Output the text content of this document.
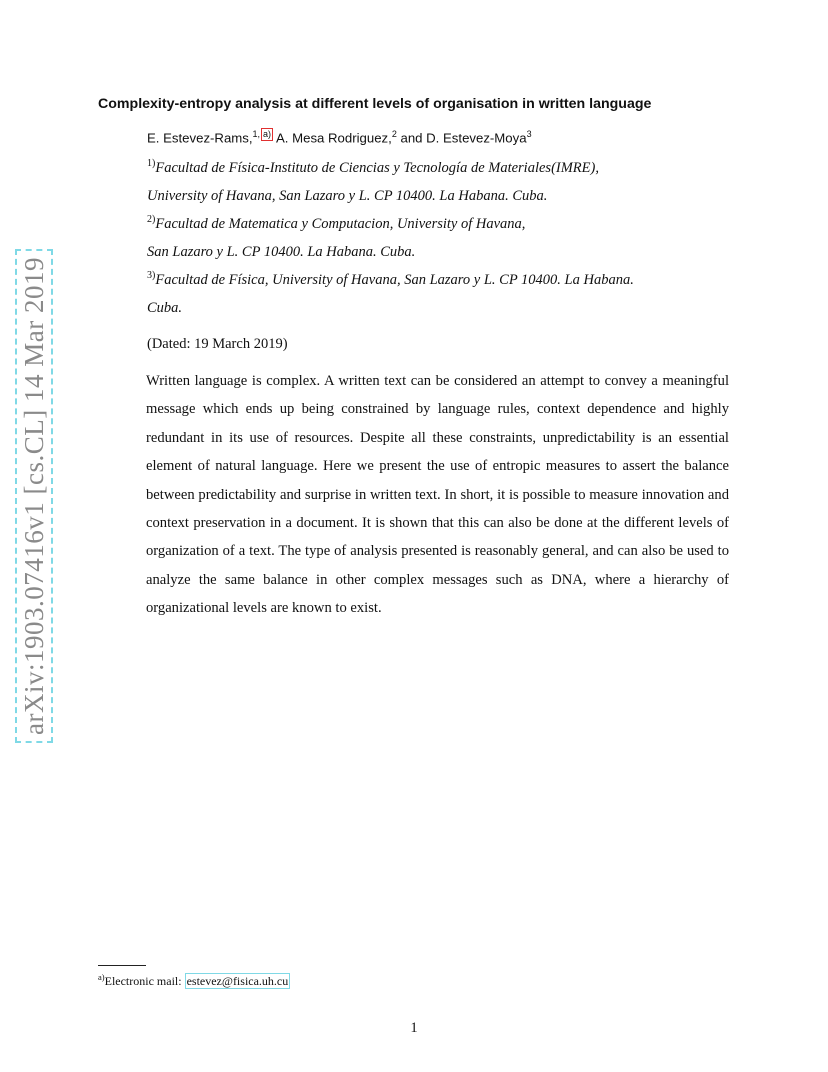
arXiv:1903.07416v1 [cs.CL] 14 Mar 2019
Complexity-entropy analysis at different levels of organisation in written language
E. Estevez-Rams,$^{1,}$ $^{a)}$ A. Mesa Rodriguez,$^2$ and D. Estevez-Moya$^3$
$^{1)}$Facultad de Física-Instituto de Ciencias y Tecnología de Materiales(IMRE),
University of Havana, San Lazaro y L. CP 10400. La Habana. Cuba.
$^{2)}$Facultad de Matematica y Computacion, University of Havana,
San Lazaro y L. CP 10400. La Habana. Cuba.
$^{3)}$Facultad de Física, University of Havana, San Lazaro y L. CP 10400. La Habana.
Cuba.
(Dated: 19 March 2019)

Written language is complex. A written text can be considered an attempt to convey a meaningful message which ends up being constrained by language rules, context dependence and highly redundant in its use of resources. Despite all these constraints, unpredictability is an essential element of natural language. Here we present the use of entropic measures to assert the balance between predictability and surprise in written text. In short, it is possible to measure innovation and context preservation in a document. It is shown that this can also be done at the different levels of organization of a text. The type of analysis presented is reasonably general, and can also be used to analyze the same balance in other complex messages such as DNA, where a hierarchy of organizational levels are known to exist.

$^{a)}$Electronic mail: estevez@fisica.uh.cu
1
